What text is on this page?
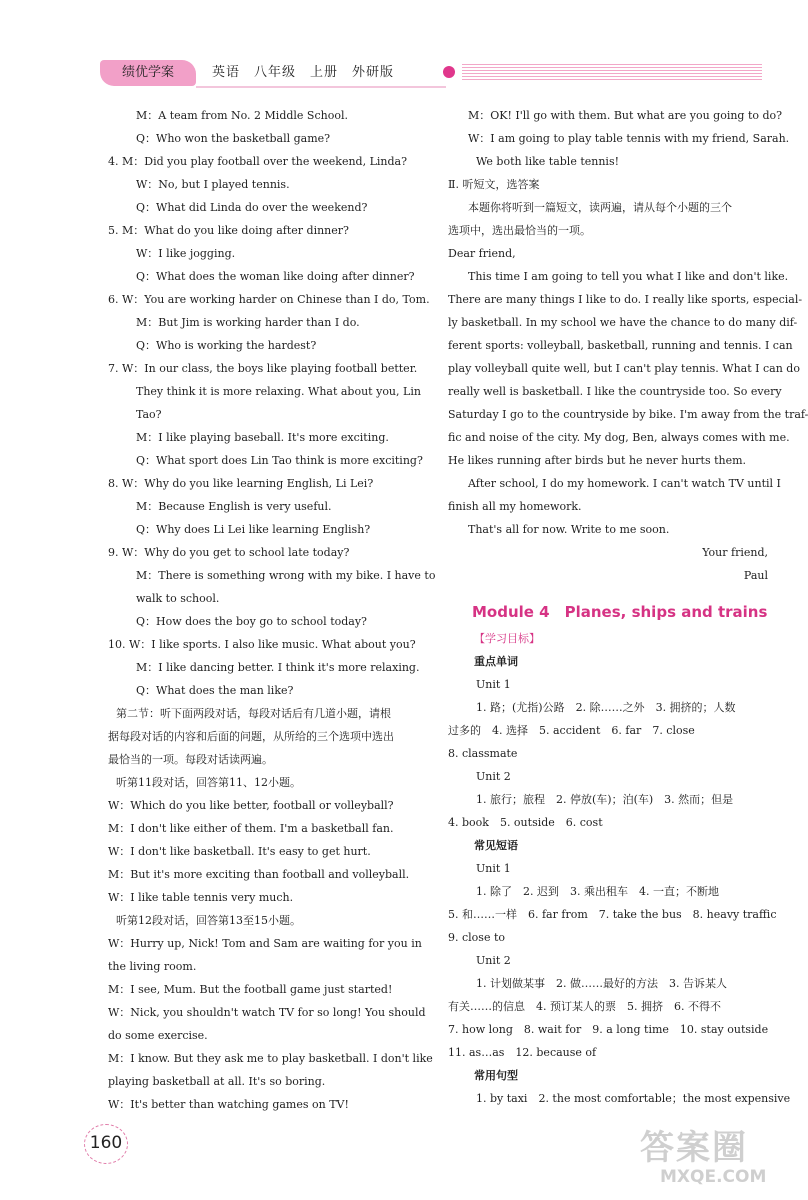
绩优学案	英语　八年级　上册　外研版
M：A team from No. 2 Middle School.
Q：Who won the basketball game?
4. M：Did you play football over the weekend, Linda?
W：No, but I played tennis.
Q：What did Linda do over the weekend?
5. M：What do you like doing after dinner?
W：I like jogging.
Q：What does the woman like doing after dinner?
6. W：You are working harder on Chinese than I do, Tom.
M：But Jim is working harder than I do.
Q：Who is working the hardest?
7. W：In our class, the boys like playing football better.
They think it is more relaxing. What about you, Lin
Tao?
M：I like playing baseball. It's more exciting.
Q：What sport does Lin Tao think is more exciting?
8. W：Why do you like learning English, Li Lei?
M：Because English is very useful.
Q：Why does Li Lei like learning English?
9. W：Why do you get to school late today?
M：There is something wrong with my bike. I have to
walk to school.
Q：How does the boy go to school today?
10. W：I like sports. I also like music. What about you?
M：I like dancing better. I think it's more relaxing.
Q：What does the man like?
第二节：听下面两段对话，每段对话后有几道小题，请根
据每段对话的内容和后面的问题，从所给的三个选项中选出
最恰当的一项。每段对话读两遍。
听第11段对话，回答第11、12小题。
W：Which do you like better, football or volleyball?
M：I don't like either of them. I'm a basketball fan.
W：I don't like basketball. It's easy to get hurt.
M：But it's more exciting than football and volleyball.
W：I like table tennis very much.
听第12段对话，回答第13至15小题。
W：Hurry up, Nick! Tom and Sam are waiting for you in
the living room.
M：I see, Mum. But the football game just started!
W：Nick, you shouldn't watch TV for so long! You should
do some exercise.
M：I know. But they ask me to play basketball. I don't like
playing basketball at all. It's so boring.
W：It's better than watching games on TV!
M：OK! I'll go with them. But what are you going to do?
W：I am going to play table tennis with my friend, Sarah.
We both like table tennis!
Ⅱ. 听短文，选答案
本题你将听到一篇短文，读两遍，请从每个小题的三个
选项中，选出最恰当的一项。
Dear friend,
This time I am going to tell you what I like and don't like.
There are many things I like to do. I really like sports, especial-
ly basketball. In my school we have the chance to do many dif-
ferent sports: volleyball, basketball, running and tennis. I can
play volleyball quite well, but I can't play tennis. What I can do
really well is basketball. I like the countryside too. So every
Saturday I go to the countryside by bike. I'm away from the traf-
fic and noise of the city. My dog, Ben, always comes with me.
He likes running after birds but he never hurts them.
After school, I do my homework. I can't watch TV until I
finish all my homework.
That's all for now. Write to me soon.
Your friend,
Paul　　
Module 4　Planes, ships and trains
【学习目标】
重点单词
Unit 1
1. 路；(尤指)公路　2. 除……之外　3. 拥挤的；人数
过多的　4. 选择　5. accident　6. far　7. close
8. classmate
Unit 2
1. 旅行；旅程　2. 停放(车)；泊(车)　3. 然而；但是
4. book　5. outside　6. cost
常见短语
Unit 1
1. 除了　2. 迟到　3. 乘出租车　4. 一直；不断地
5. 和……一样　6. far from　7. take the bus　8. heavy traffic
9. close to
Unit 2
1. 计划做某事　2. 做……最好的方法　3. 告诉某人
有关……的信息　4. 预订某人的票　5. 拥挤　6. 不得不
7. how long　8. wait for　9. a long time　10. stay outside
11. as…as　12. because of
常用句型
1. by taxi　2. the most comfortable；the most expensive
160	答案圈
MXQE.COM
